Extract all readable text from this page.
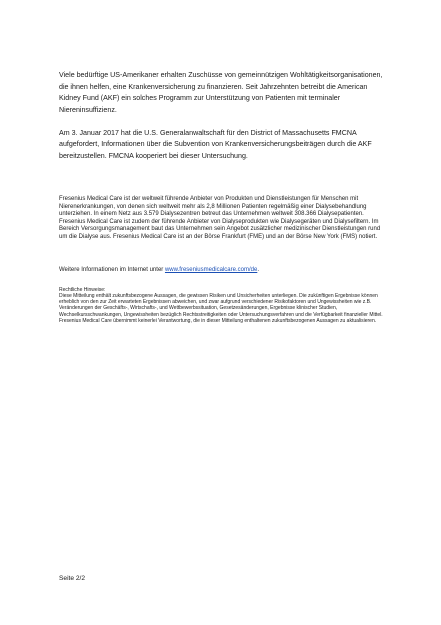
Viele bedürftige US-Amerikaner erhalten Zuschüsse von gemeinnützigen Wohltätigkeitsorganisationen, die ihnen helfen, eine Krankenversicherung zu finanzieren. Seit Jahrzehnten betreibt die American Kidney Fund (AKF) ein solches Programm zur Unterstützung von Patienten mit terminaler Niereninsuffizienz.

Am 3. Januar 2017 hat die U.S. Generalanwaltschaft für den District of Massachusetts FMCNA aufgefordert, Informationen über die Subvention von Krankenversicherungsbeiträgen durch die AKF bereitzustellen. FMCNA kooperiert bei dieser Untersuchung.

Fresenius Medical Care ist der weltweit führende Anbieter von Produkten und Dienstleistungen für Menschen mit Nierenerkrankungen, von denen sich weltweit mehr als 2,8 Millionen Patienten regelmäßig einer Dialysebehandlung unterziehen. In einem Netz aus 3.579 Dialysezentren betreut das Unternehmen weltweit 308.366 Dialysepatienten. Fresenius Medical Care ist zudem der führende Anbieter von Dialyseprodukten wie Dialysegeräten und Dialysefiltern. Im Bereich Versorgungsmanagement baut das Unternehmen sein Angebot zusätzlicher medizinischer Dienstleistungen rund um die Dialyse aus. Fresenius Medical Care ist an der Börse Frankfurt (FME) und an der Börse New York (FMS) notiert.

Weitere Informationen im Internet unter www.freseniusmedicalcare.com/de.

Rechtliche Hinweise:

Diese Mitteilung enthält zukunftsbezogene Aussagen, die gewissen Risiken und Unsicherheiten unterliegen. Die zukünftigen Ergebnisse können erheblich von den zur Zeit erwarteten Ergebnissen abweichen, und zwar aufgrund verschiedener Risikofaktoren und Ungewissheiten wie z.B. Veränderungen der Geschäfts-, Wirtschafts-, und Wettbewerbssituation, Gesetzesänderungen, Ergebnisse klinischer Studien, Wechselkursschwankungen, Ungewissheiten bezüglich Rechtsstreitigkeiten oder Untersuchungsverfahren und die Verfügbarkeit finanzieller Mittel. Fresenius Medical Care übernimmt keinerlei Verantwortung, die in dieser Mitteilung enthaltenen zukunftsbezogenen Aussagen zu aktualisieren.

Seite 2/2
